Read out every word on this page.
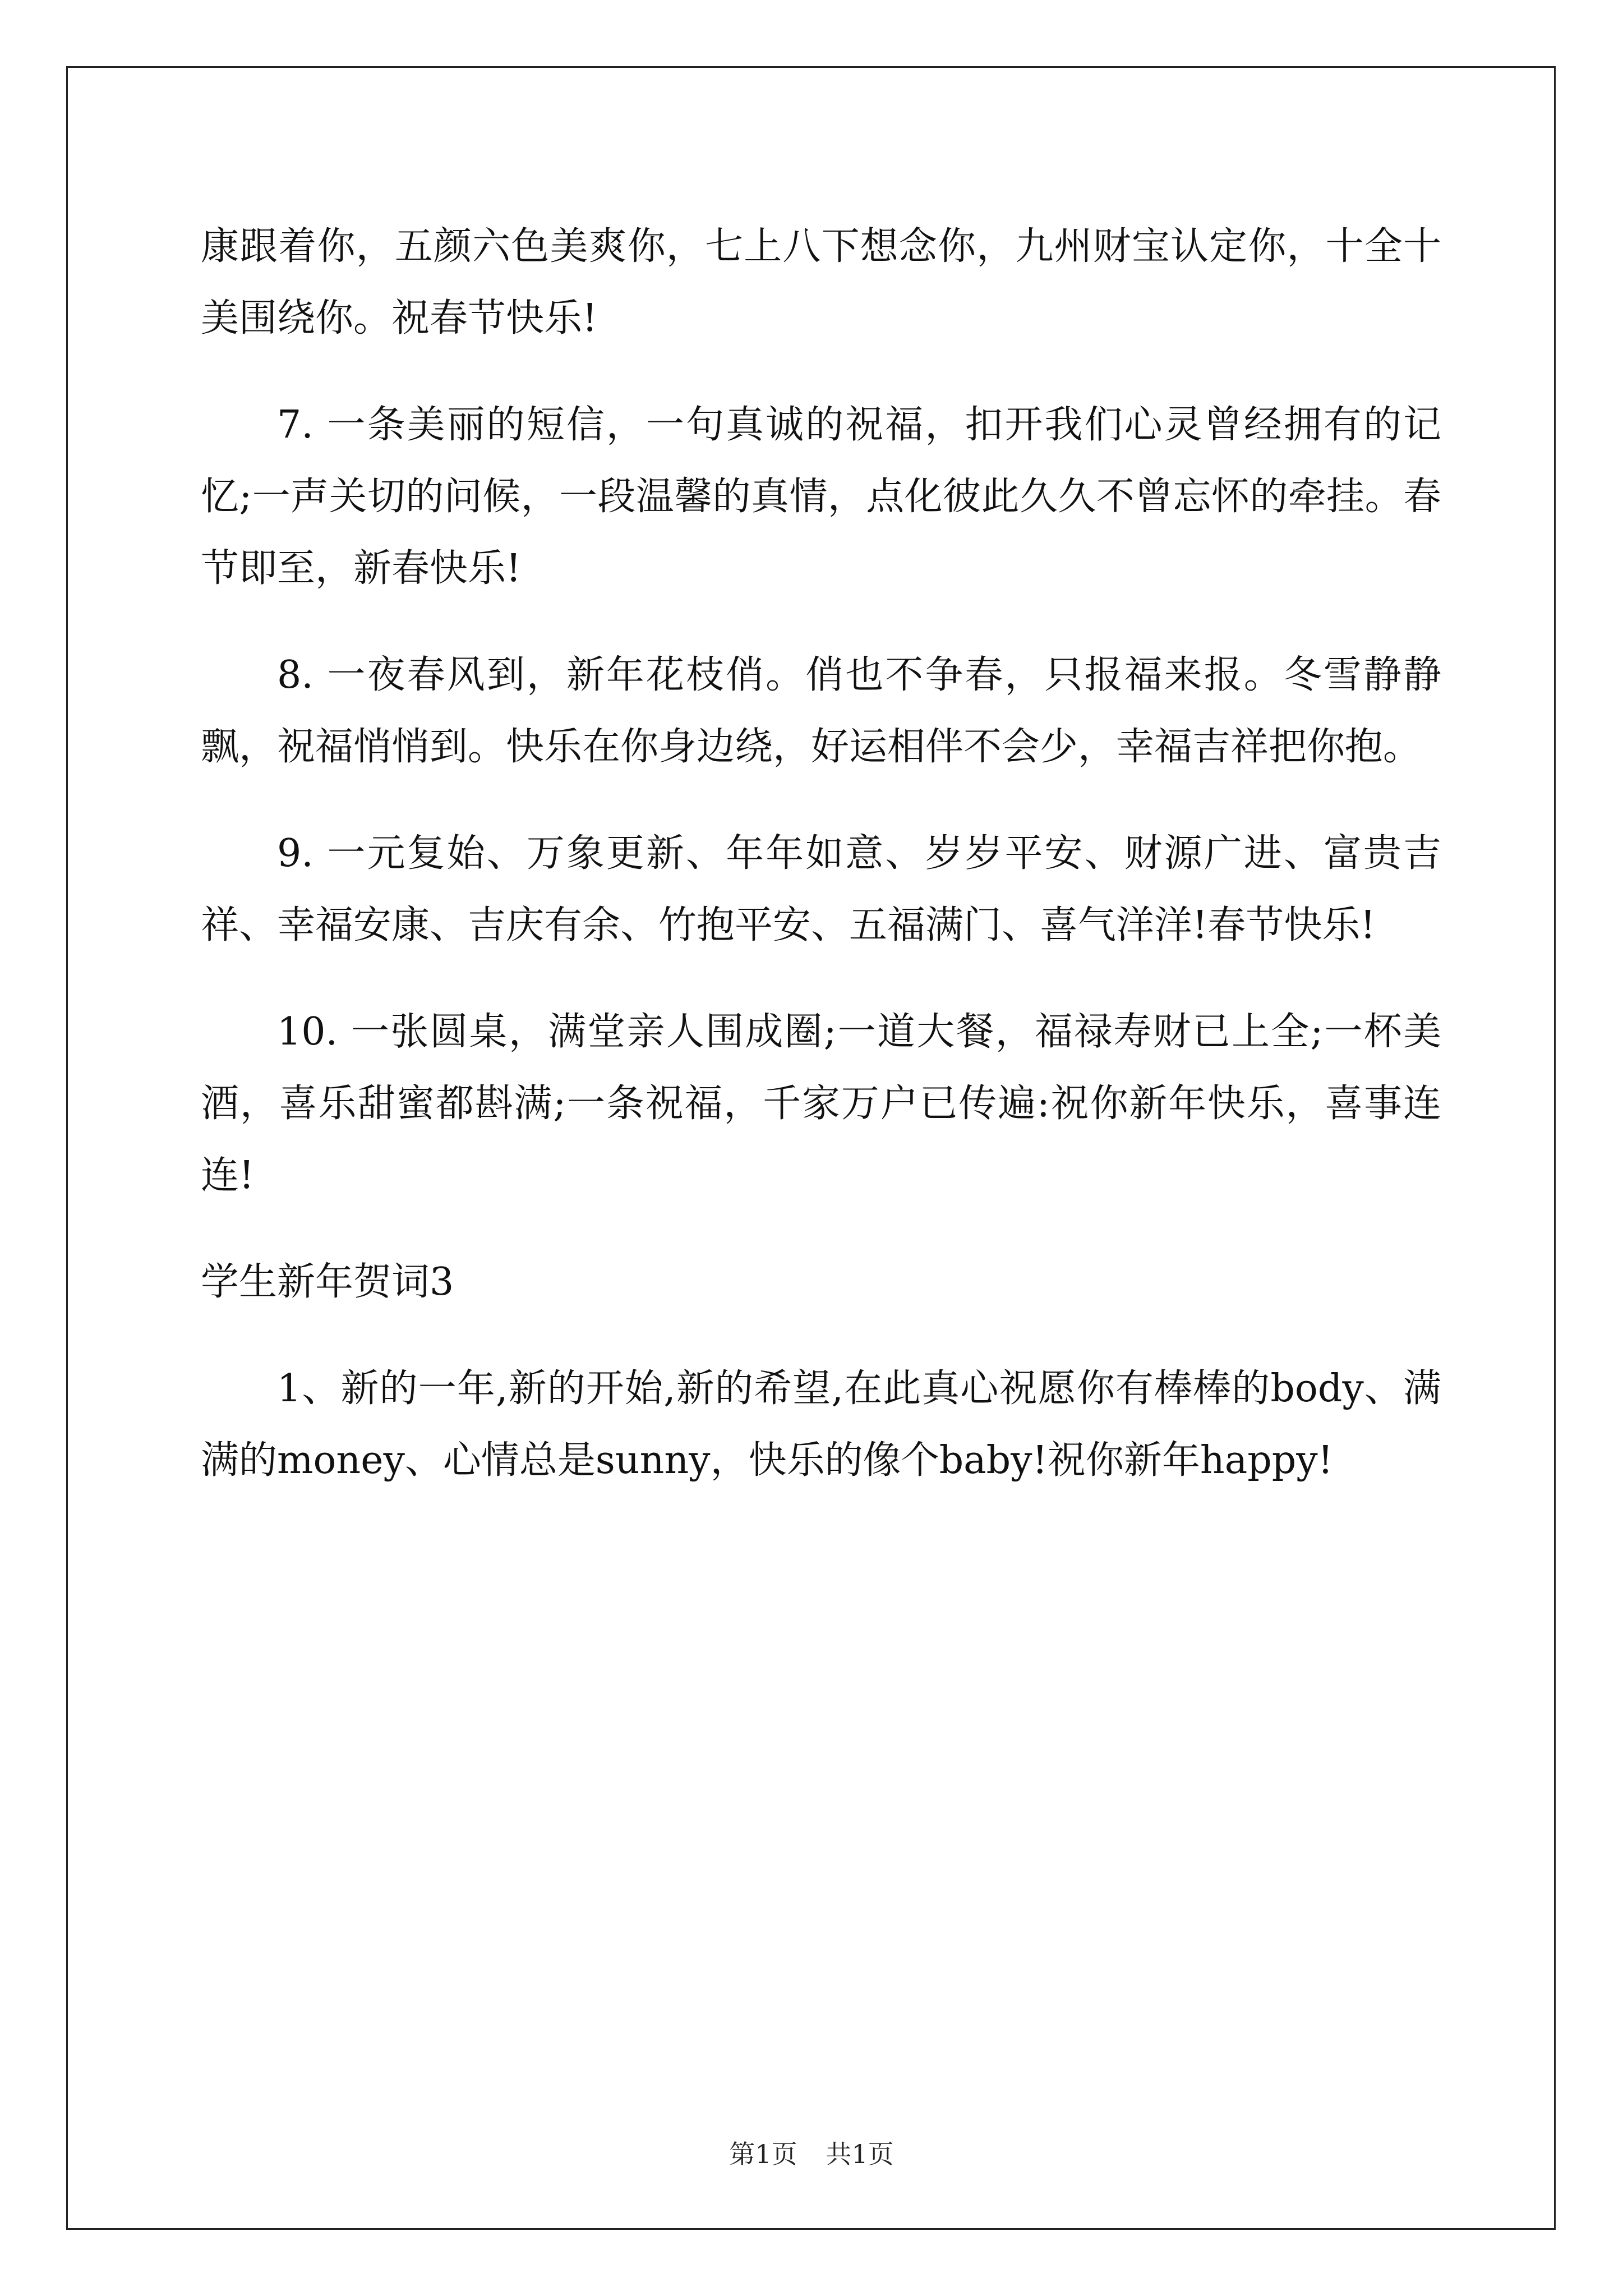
康跟着你，五颜六色美爽你，七上八下想念你，九州财宝认定你，十全十美围绕你。祝春节快乐!

7. 一条美丽的短信，一句真诚的祝福，扣开我们心灵曾经拥有的记忆;一声关切的问候，一段温馨的真情，点化彼此久久不曾忘怀的牵挂。春节即至，新春快乐!

8. 一夜春风到，新年花枝俏。俏也不争春，只报福来报。冬雪静静飘，祝福悄悄到。快乐在你身边绕，好运相伴不会少，幸福吉祥把你抱。

9. 一元复始、万象更新、年年如意、岁岁平安、财源广进、富贵吉祥、幸福安康、吉庆有余、竹抱平安、五福满门、喜气洋洋!春节快乐!

10. 一张圆桌，满堂亲人围成圈;一道大餐，福禄寿财已上全;一杯美酒，喜乐甜蜜都斟满;一条祝福，千家万户已传遍:祝你新年快乐，喜事连连!

学生新年贺词3

1、新的一年,新的开始,新的希望,在此真心祝愿你有棒棒的body、满满的money、心情总是sunny，快乐的像个baby!祝你新年happy!

第1页 共1页
